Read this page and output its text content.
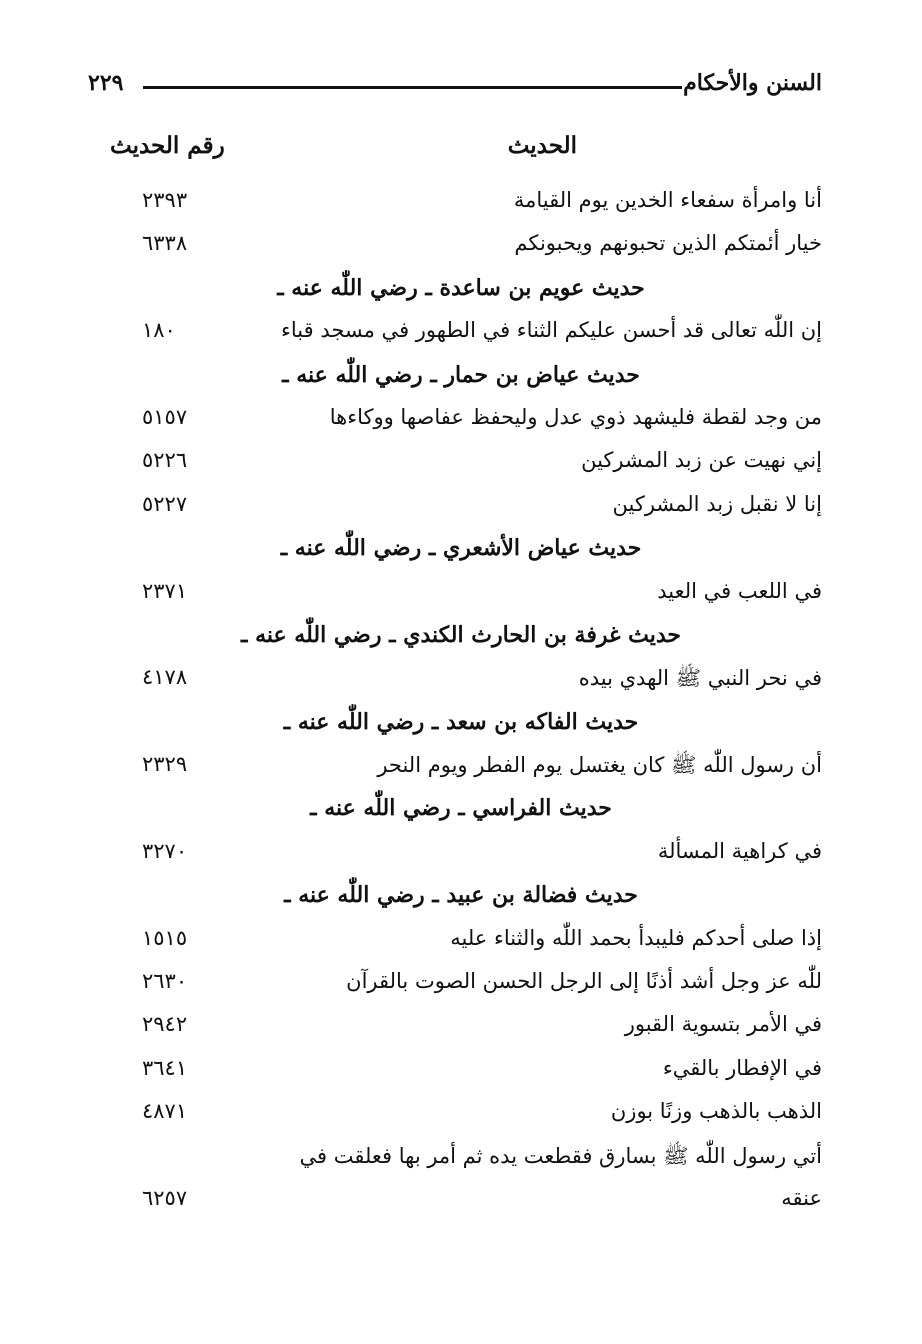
السنن والأحكام
٢٢٩
الحديث
رقم الحديث
أنا وامرأة سفعاء الخدين يوم القيامة
٢٣٩٣
خيار أئمتكم الذين تحبونهم ويحبونكم
٦٣٣٨
حديث عويم بن ساعدة ـ رضي اللّٰه عنه ـ
إن اللّٰه تعالى قد أحسن عليكم الثناء في الطهور في مسجد قباء
١٨٠
حديث عياض بن حمار ـ رضي اللّٰه عنه ـ
من وجد لقطة فليشهد ذوي عدل وليحفظ عفاصها ووكاءها
٥١٥٧
إني نهيت عن زبد المشركين
٥٢٢٦
إنا لا نقبل زبد المشركين
٥٢٢٧
حديث عياض الأشعري ـ رضي اللّٰه عنه ـ
في اللعب في العيد
٢٣٧١
حديث غرفة بن الحارث الكندي ـ رضي اللّٰه عنه ـ
في نحر النبي ﷺ الهدي بيده
٤١٧٨
حديث الفاكه بن سعد ـ رضي اللّٰه عنه ـ
أن رسول اللّٰه ﷺ كان يغتسل يوم الفطر ويوم النحر
٢٣٢٩
حديث الفراسي ـ رضي اللّٰه عنه ـ
في كراهية المسألة
٣٢٧٠
حديث فضالة بن عبيد ـ رضي اللّٰه عنه ـ
إذا صلى أحدكم فليبدأ بحمد اللّٰه والثناء عليه
١٥١٥
للّٰه عز وجل أشد أذنًا إلى الرجل الحسن الصوت بالقرآن
٢٦٣٠
في الأمر بتسوية القبور
٢٩٤٢
في الإفطار بالقيء
٣٦٤١
الذهب بالذهب وزنًا بوزن
٤٨٧١
أتي رسول اللّٰه ﷺ بسارق فقطعت يده ثم أمر بها فعلقت في
عنقه
٦٢٥٧
